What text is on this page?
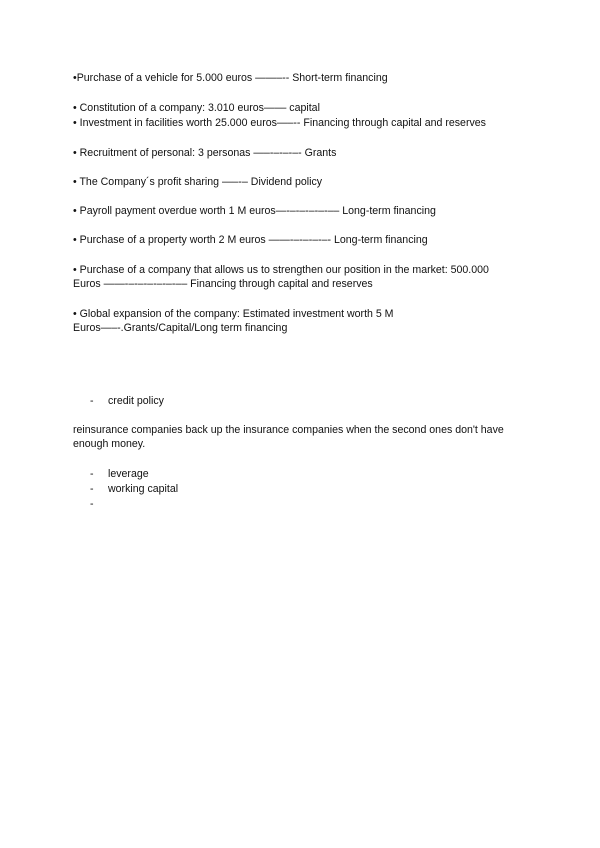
•Purchase of a vehicle for 5.000 euros ——–-- Short-term financing
• Constitution of a company: 3.010 euros—–– capital
• Investment in facilities worth 25.000 euros—–-- Financing through capital and reserves
• Recruitment of personal: 3 personas —–-–-–-–- Grants
• The Company´s profit sharing —–-– Dividend policy
• Payroll payment overdue worth 1 M euros—-–-–-–-–-–– Long-term financing
• Purchase of a property worth 2 M euros ——-–-–-–-–- Long-term financing
• Purchase of a company that allows us to strengthen our position in the market: 500.000
Euros ——-–-–-–-–-–-–– Financing through capital and reserves
• Global expansion of the company: Estimated investment worth 5 M
Euros—–-.Grants/Capital/Long term financing
- credit policy
reinsurance companies back up the insurance companies when the second ones don't have
enough money.
- leverage
- working capital
-
